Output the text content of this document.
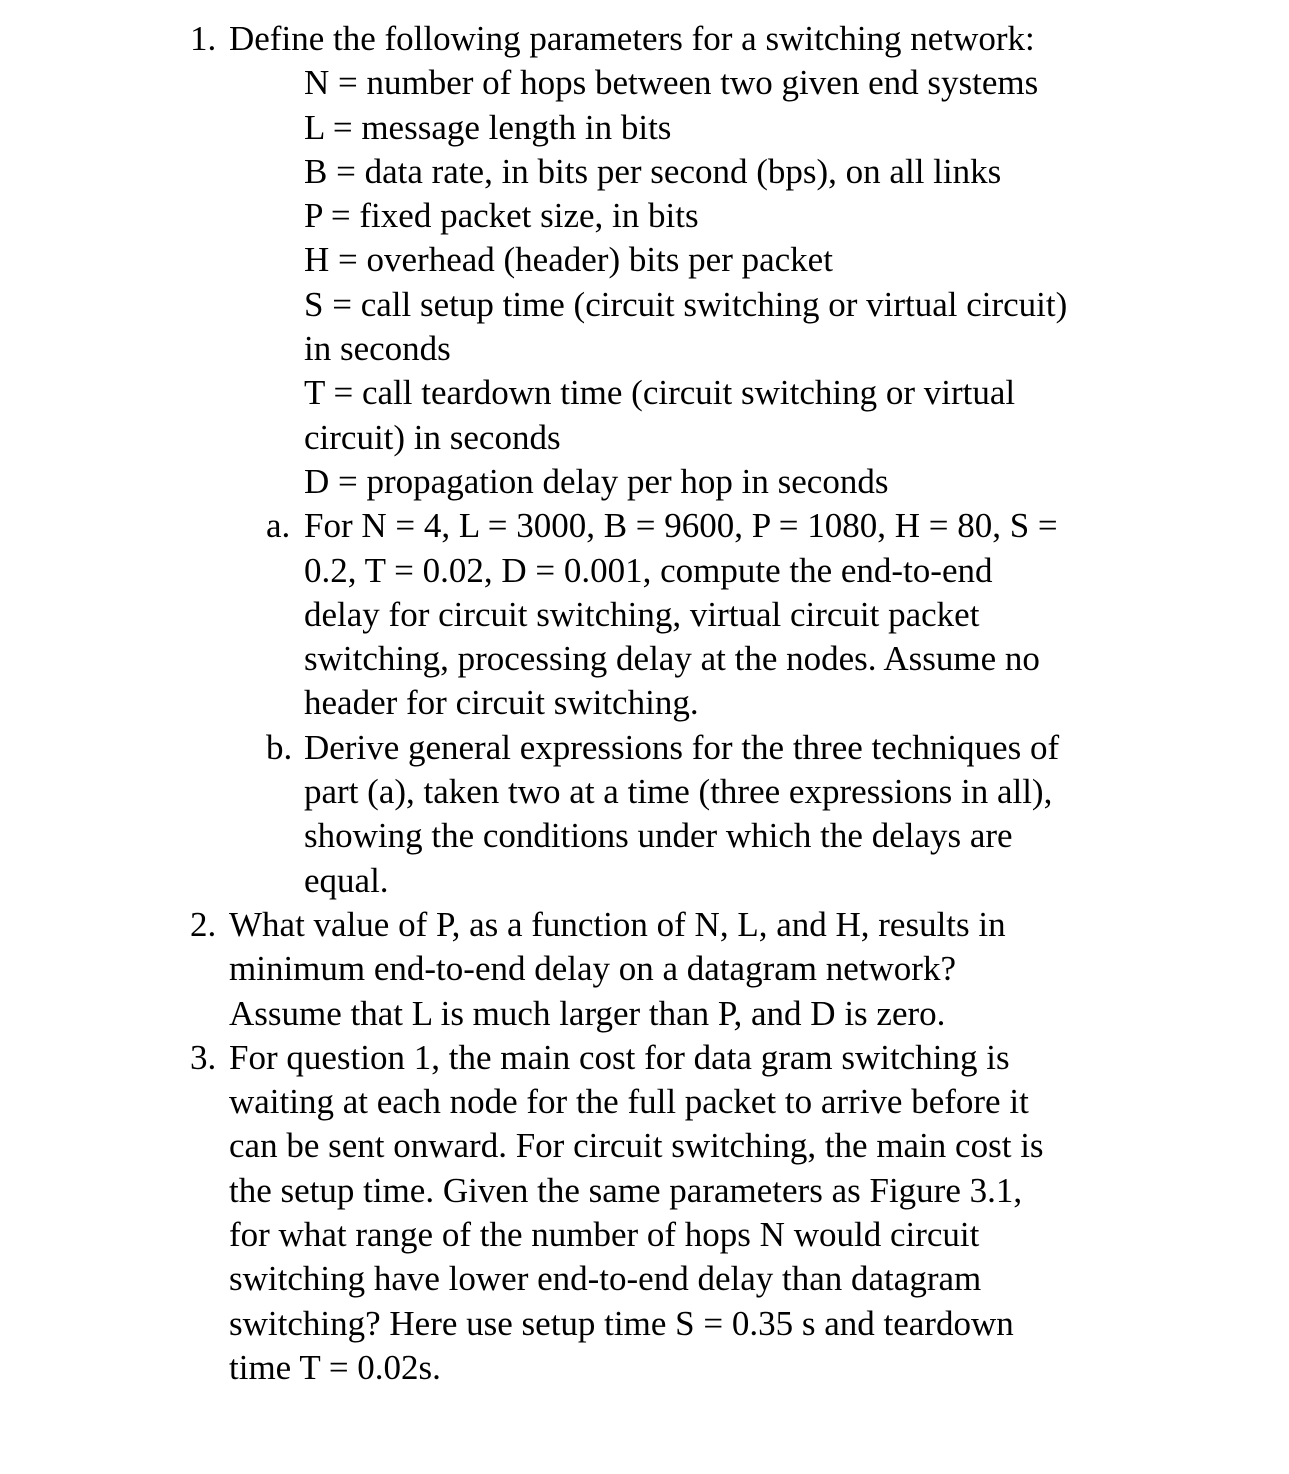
1. Define the following parameters for a switching network:
N = number of hops between two given end systems
L = message length in bits
B = data rate, in bits per second (bps), on all links
P = fixed packet size, in bits
H = overhead (header) bits per packet
S = call setup time (circuit switching or virtual circuit)
in seconds
T = call teardown time (circuit switching or virtual
circuit) in seconds
D = propagation delay per hop in seconds
a. For N = 4, L = 3000, B = 9600, P = 1080, H = 80, S =
0.2, T = 0.02, D = 0.001, compute the end-to-end
delay for circuit switching, virtual circuit packet
switching, processing delay at the nodes. Assume no
header for circuit switching.
b. Derive general expressions for the three techniques of
part (a), taken two at a time (three expressions in all),
showing the conditions under which the delays are
equal.
2. What value of P, as a function of N, L, and H, results in
minimum end-to-end delay on a datagram network?
Assume that L is much larger than P, and D is zero.
3. For question 1, the main cost for data gram switching is
waiting at each node for the full packet to arrive before it
can be sent onward. For circuit switching, the main cost is
the setup time. Given the same parameters as Figure 3.1,
for what range of the number of hops N would circuit
switching have lower end-to-end delay than datagram
switching? Here use setup time S = 0.35 s and teardown
time T = 0.02s.
